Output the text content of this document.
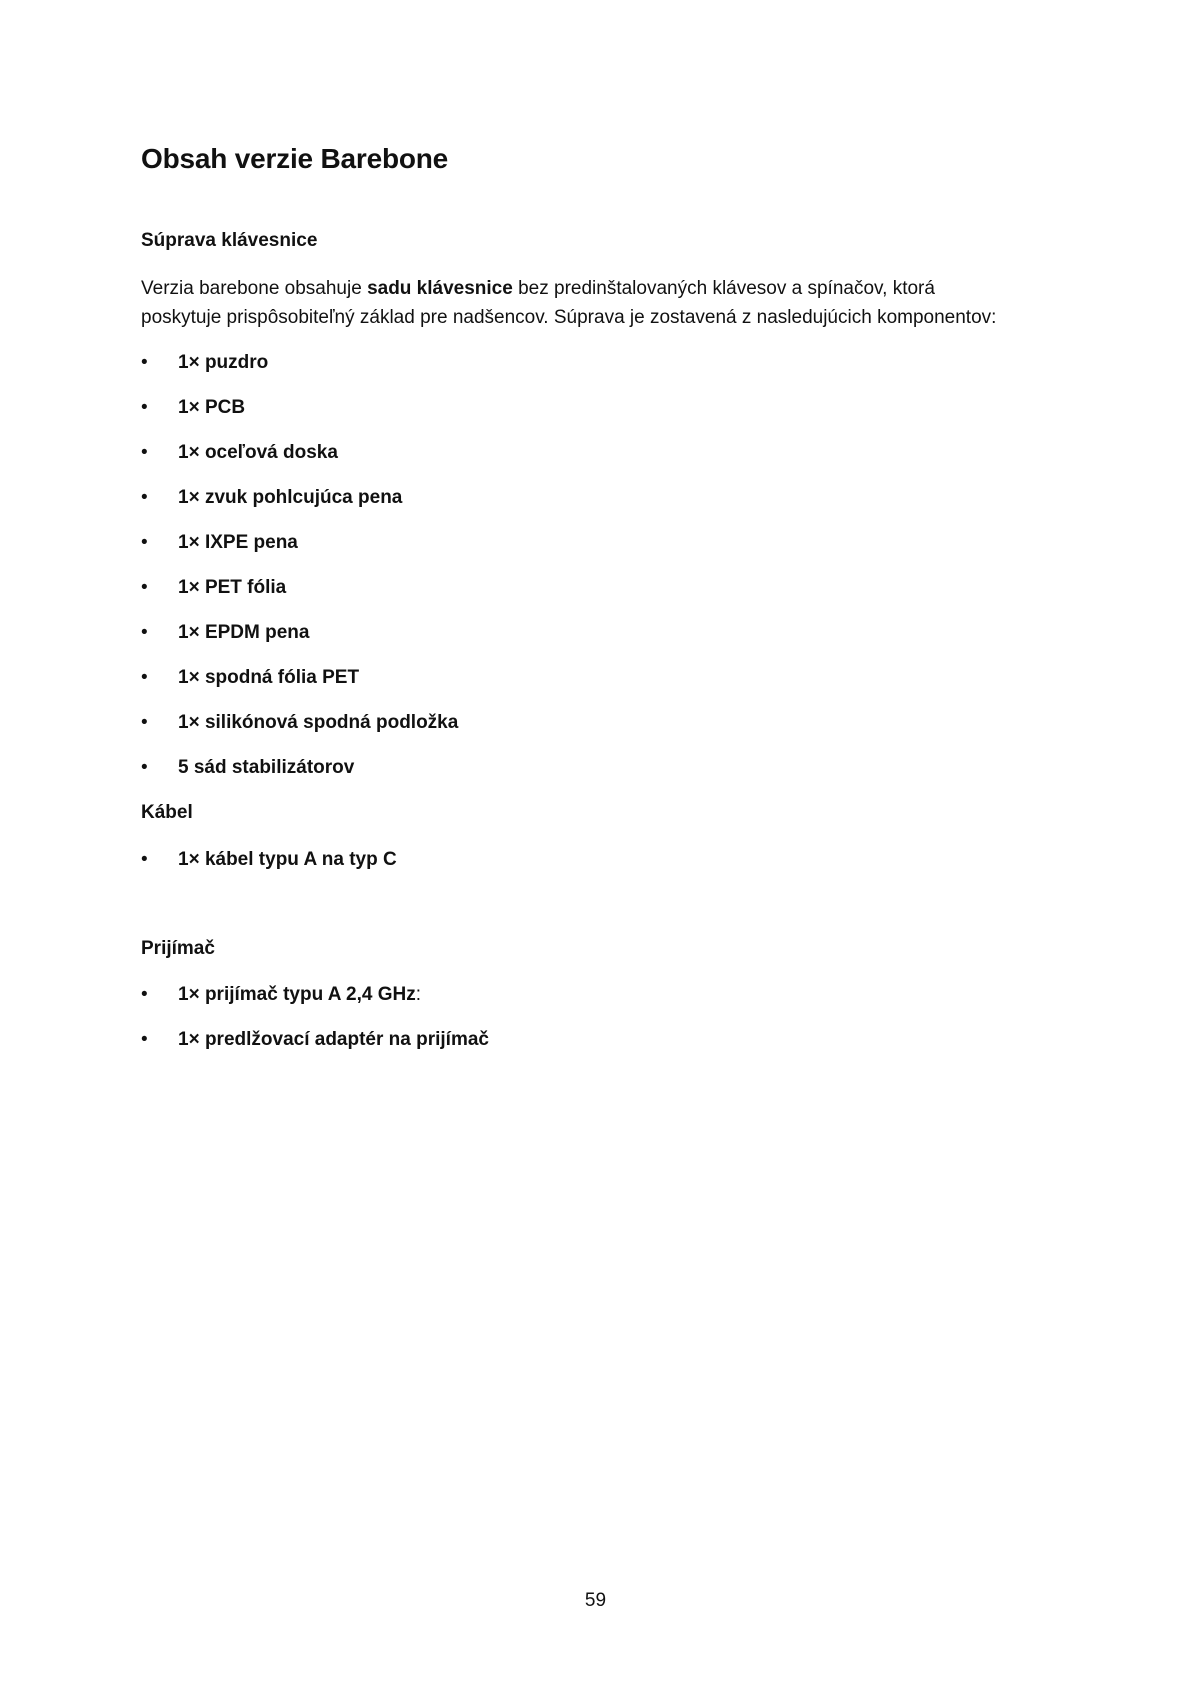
Obsah verzie Barebone
Súprava klávesnice

Verzia barebone obsahuje sadu klávesnice bez predinštalovaných klávesov a spínačov, ktorá
poskytuje prispôsobiteľný základ pre nadšencov. Súprava je zostavená z nasledujúcich komponentov:

• 1× puzdro
• 1× PCB
• 1× oceľová doska
• 1× zvuk pohlcujúca pena
• 1× IXPE pena
• 1× PET fólia
• 1× EPDM pena
• 1× spodná fólia PET
• 1× silikónová spodná podložka
• 5 sád stabilizátorov
Kábel
• 1× kábel typu A na typ C
Prijímač
• 1× prijímač typu A 2,4 GHz:
• 1× predlžovací adaptér na prijímač
59
